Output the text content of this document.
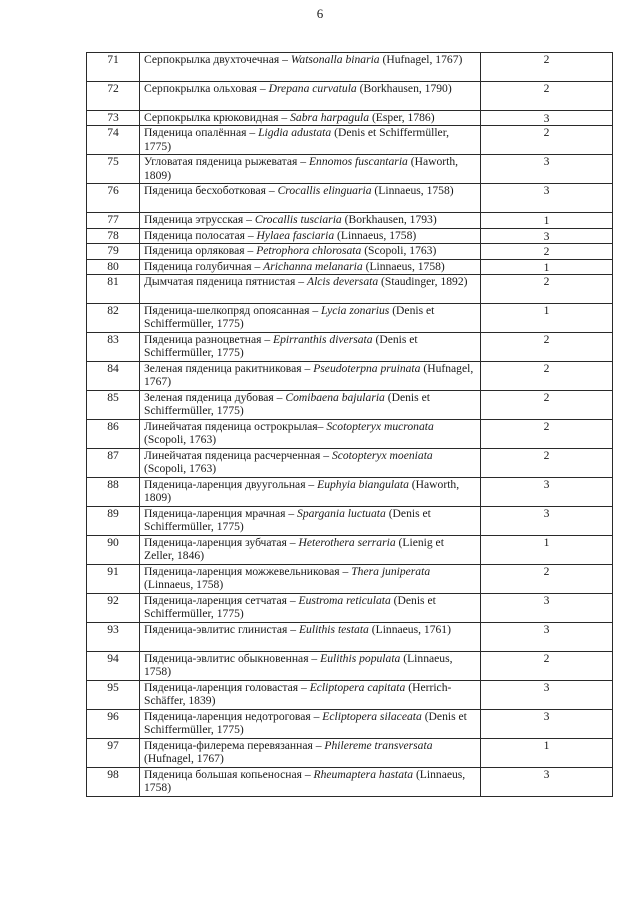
6
71	Серпокрылка двухточечная – Watsonalla binaria (Hufnagel, 1767)	2
72	Серпокрылка ольховая – Drepana curvatula (Borkhausen, 1790)	2
73	Серпокрылка крюковидная – Sabra harpagula (Esper, 1786)	3
74	Пяденица опалённая – Ligdia adustata (Denis et Schiffermüller, 1775)	2
75	Угловатая пяденица рыжеватая – Ennomos fuscantaria (Haworth, 1809)	3
76	Пяденица бесхоботковая – Crocallis elinguaria (Linnaeus, 1758)	3
77	Пяденица этрусская – Crocallis tusciaria (Borkhausen, 1793)	1
78	Пяденица полосатая – Hylaea fasciaria (Linnaeus, 1758)	3
79	Пяденица орляковая – Petrophora chlorosata (Scopoli, 1763)	2
80	Пяденица голубичная – Arichanna melanaria (Linnaeus, 1758)	1
81	Дымчатая пяденица пятнистая – Alcis deversata (Staudinger, 1892)	2
82	Пяденица-шелкопряд опоясанная – Lycia zonarius (Denis et Schiffermüller, 1775)	1
83	Пяденица разноцветная – Epirranthis diversata (Denis et Schiffermüller, 1775)	2
84	Зеленая пяденица ракитниковая – Pseudoterpna pruinata (Hufnagel, 1767)	2
85	Зеленая пяденица дубовая – Comibaena bajularia (Denis et Schiffermüller, 1775)	2
86	Линейчатая пяденица острокрылая– Scotopteryx mucronata (Scopoli, 1763)	2
87	Линейчатая пяденица расчерченная – Scotopteryx moeniata (Scopoli, 1763)	2
88	Пяденица-ларенция двуугольная – Euphyia biangulata (Haworth, 1809)	3
89	Пяденица-ларенция мрачная – Spargania luctuata (Denis et Schiffermüller, 1775)	3
90	Пяденица-ларенция зубчатая – Heterothera serraria (Lienig et Zeller, 1846)	1
91	Пяденица-ларенция можжевельниковая – Thera juniperata (Linnaeus, 1758)	2
92	Пяденица-ларенция сетчатая – Eustroma reticulata (Denis et Schiffermüller, 1775)	3
93	Пяденица-эвлитис глинистая – Eulithis testata (Linnaeus, 1761)	3
94	Пяденица-эвлитис обыкновенная – Eulithis populata (Linnaeus, 1758)	2
95	Пяденица-ларенция головастая – Ecliptopera capitata (Herrich-Schäffer, 1839)	3
96	Пяденица-ларенция недотроговая – Ecliptopera silaceata (Denis et Schiffermüller, 1775)	3
97	Пяденица-филерема перевязанная – Philereme transversata (Hufnagel, 1767)	1
98	Пяденица большая копьеносная – Rheumaptera hastata (Linnaeus, 1758)	3
